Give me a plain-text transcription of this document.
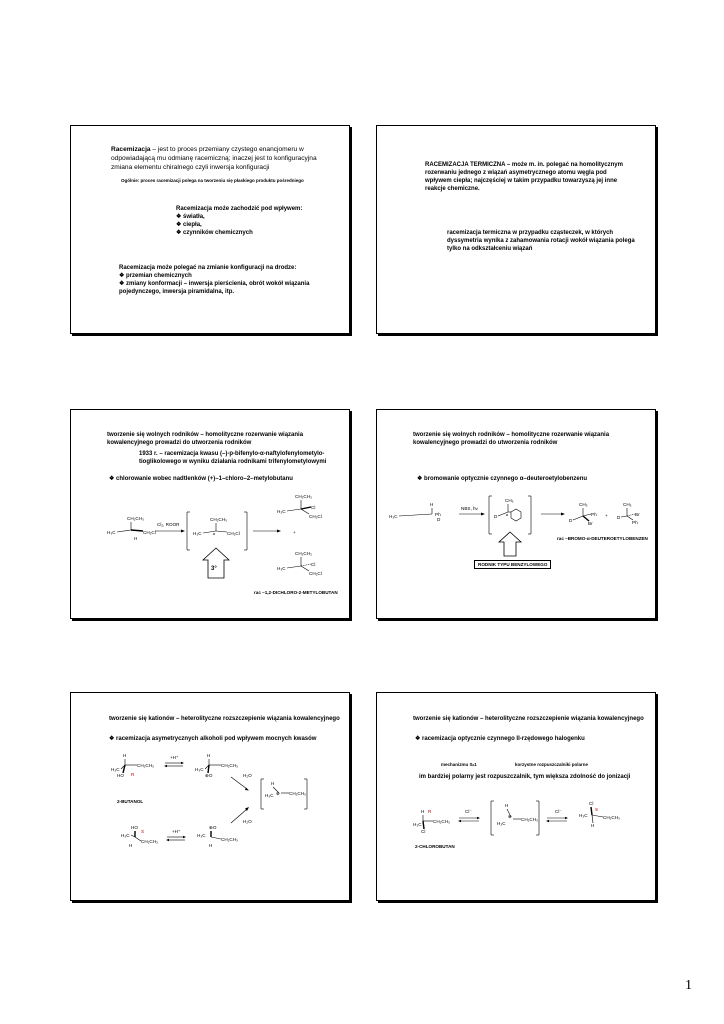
Racemizacja – jest to proces przemiany czystego enancjomeru w
odpowiadającą mu odmianę racemiczną; inaczej jest to konfiguracyjna
zmiana elementu chiralnego czyli inwersja konfiguracji
Ogólnie: proces racemizacji polega na tworzeniu się płaskiego produktu pośredniego
Racemizacja może zachodzić pod wpływem:
❖ światła,
❖ ciepła,
❖ czynników chemicznych
Racemizacja może polegać na zmianie konfiguracji na drodze:
❖ przemian chemicznych
❖ zmiany konformacji – inwersja pierścienia, obrót wokół wiązania
pojedynczego, inwersja piramidalna, itp.
RACEMIZACJA TERMICZNA – może m. in. polegać na homolitycznym
rozerwaniu jednego z wiązań asymetrycznego atomu węgla pod
wpływem ciepła; najczęściej w takim przypadku towarzyszą jej inne
reakcje chemiczne.
racemizacja termiczna w przypadku cząsteczek, w których
dyssymetria wynika z zahamowania rotacji wokół wiązania polega
tylko na odkształceniu wiązań
tworzenie się wolnych rodników – homolityczne rozerwanie wiązania
kowalencyjnego prowadzi do utworzenia rodników
1933 r. – racemizacja kwasu (–)-p-bifenylo-α-naftylofenylometylo-
tioglikolowego w wyniku działania rodnikami trifenylometylowymi
❖ chlorowanie wobec nadtlenków (+)–1–chloro–2–metylobutanu
CH₂CH₃
H₃C	CH₂Cl
H
Cl₂, ROOR
CH₂CH₃
H₃C	CH₂Cl
3°
CH₂CH₃
H₃C
Cl
CH₂Cl
+
CH₂CH₃
Cl
H₃C
CH₂Cl
rac –1,2-DICHLORO-2-METYLOBUTAN
tworzenie się wolnych rodników – homolityczne rozerwanie wiązania
kowalencyjnego prowadzi do utworzenia rodników
❖ bromowanie optycznie czynnego α–deuteroetylobenzenu
H
H₃C	Ph
D
NBS, hν
CH₃
D
CH₃
D
Ph
Br
+
CH₃
D
Br
Ph
rac –BROMO-α-DEUTEROETYLOBENZEN
RODNIK TYPU BENZYLOWEGO
tworzenie się kationów – heterolityczne rozszczepienie wiązania kowalencyjnego
❖ racemizacja asymetrycznych alkoholi pod wpływem mocnych kwasów
H
H₃C
CH₂CH₃
HO R
+H⁺	H
H₃C
CH₂CH₃
⊕O	H₂O
H₂O
H
H₃C ⊕ CH₂CH₃
2-BUTANOL
HO
H₃C
S
CH₂CH₃
H
+H⁺
⊕O
H₃C
CH₂CH₃
H
tworzenie się kationów – heterolityczne rozszczepienie wiązania kowalencyjnego
❖ racemizacja optycznie czynnego II-rzędowego halogenku
mechanizmu Sₙ1	korzystne rozpuszczalniki polarne
im bardziej polarny jest rozpuszczalnik, tym większa zdolność do jonizacji
H R
H₃C
CH₂CH₃
Cl
Cl⁻
H
H₃C
⊕
CH₂CH₃
Cl⁻
Cl
S
H₃C	CH₂CH₃
H
2-CHLOROBUTAN
1
